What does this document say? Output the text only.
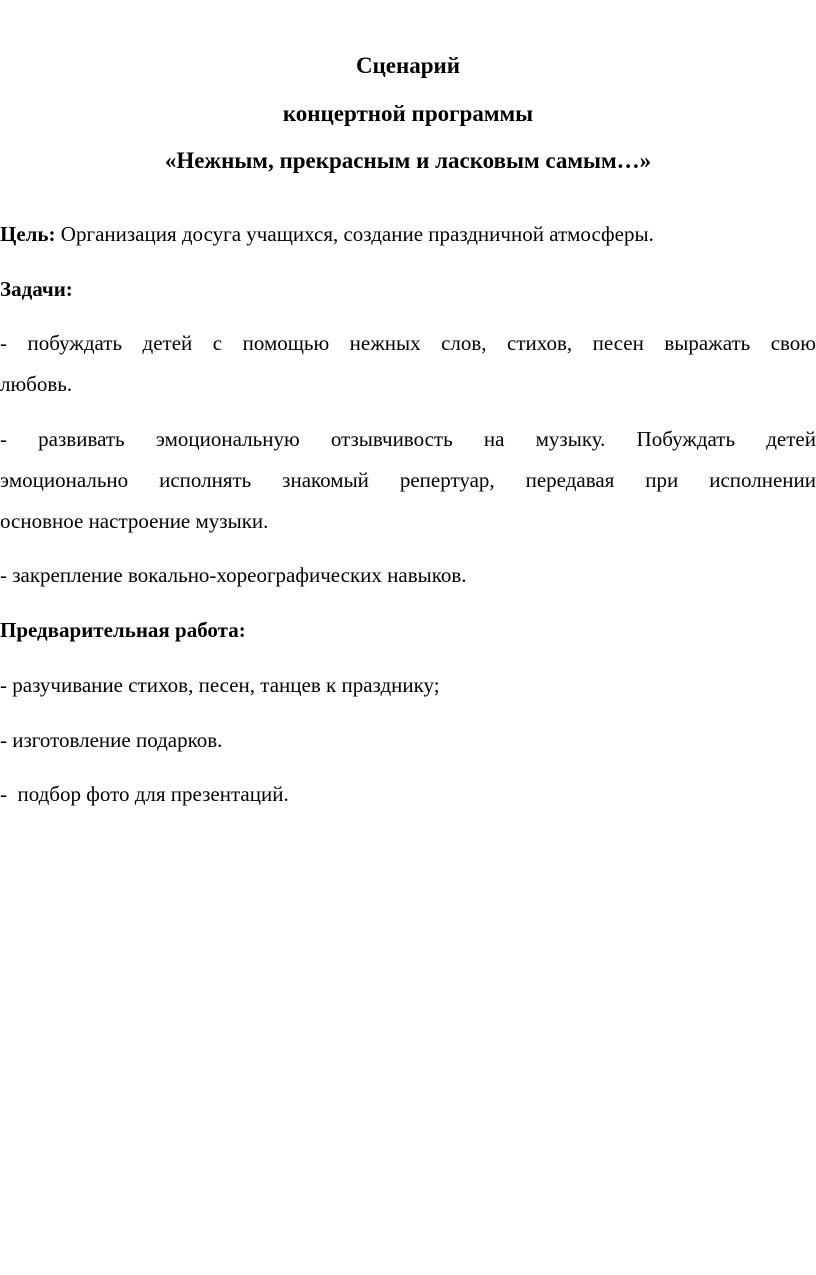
Сценарий
концертной программы
«Нежным, прекрасным и ласковым самым…»
Цель: Организация досуга учащихся, создание праздничной атмосферы.
Задачи:
- побуждать детей с помощью нежных слов, стихов, песен выражать свою
любовь.
- развивать эмоциональную отзывчивость на музыку. Побуждать детей
эмоционально исполнять знакомый репертуар, передавая при исполнении
основное настроение музыки.
- закрепление вокально-хореографических навыков.
Предварительная работа:
- разучивание стихов, песен, танцев к празднику;
- изготовление подарков.
-  подбор фото для презентаций.
